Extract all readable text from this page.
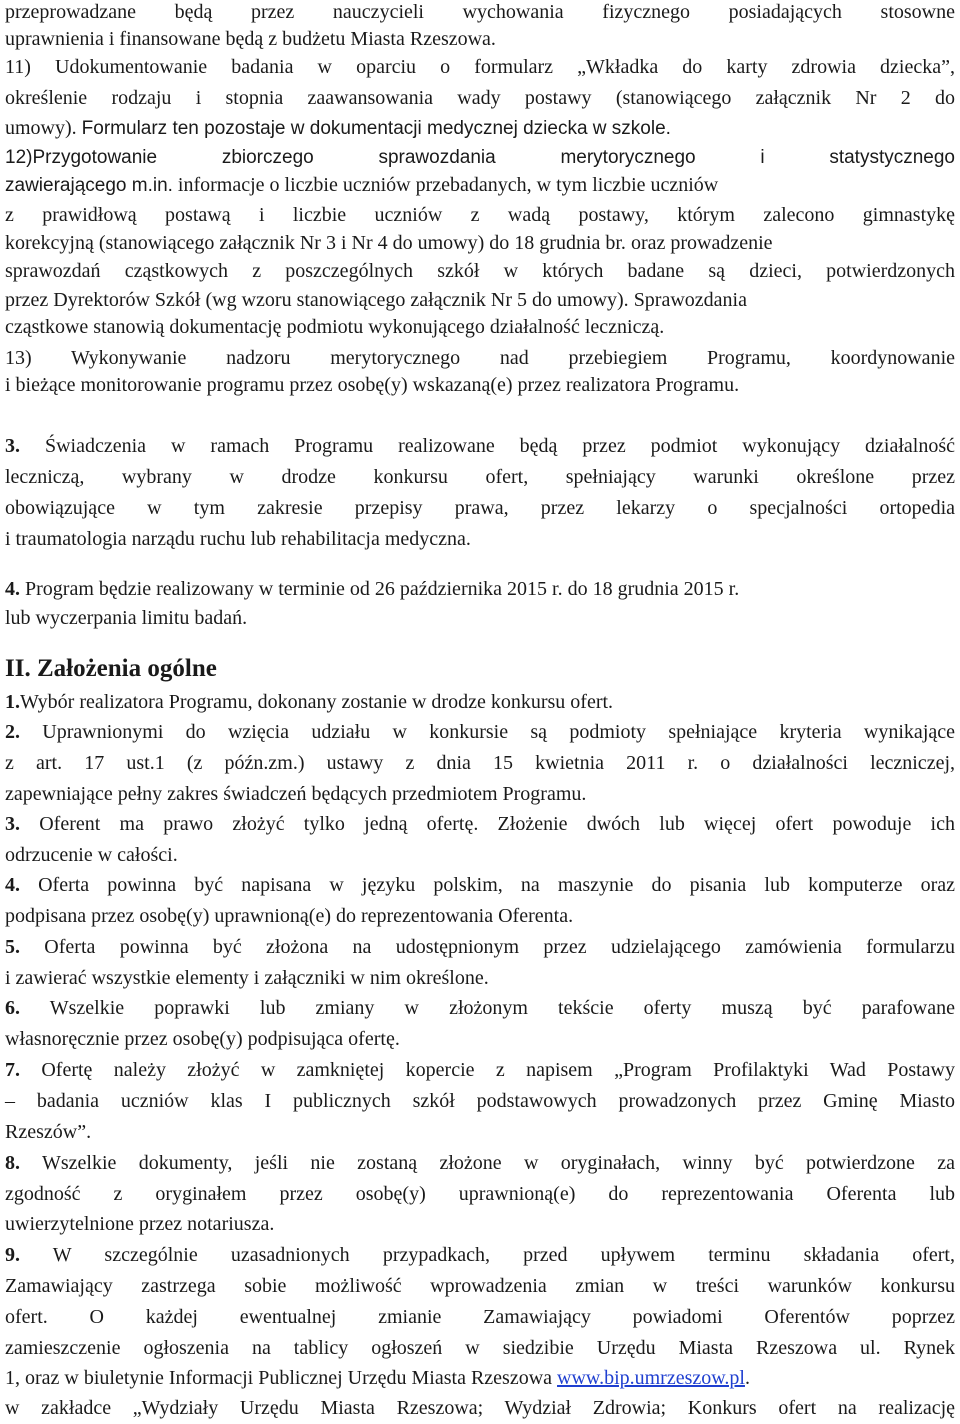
przeprowadzane będą przez nauczycieli wychowania fizycznego posiadających stosowne
uprawnienia i finansowane będą z budżetu Miasta Rzeszowa.
11) Udokumentowanie badania w oparciu o formularz „Wkładka do karty zdrowia dziecka”,
określenie rodzaju i stopnia zaawansowania wady postawy (stanowiącego załącznik Nr 2 do
umowy). Formularz ten pozostaje w dokumentacji medycznej dziecka w szkole.
12)Przygotowanie zbiorczego sprawozdania merytorycznego i statystycznego
zawierającego m.in. informacje o liczbie uczniów przebadanych, w tym liczbie uczniów
z prawidłową postawą i liczbie uczniów z wadą postawy, którym zalecono gimnastykę
korekcyjną (stanowiącego załącznik Nr 3 i Nr 4 do umowy) do 18 grudnia br. oraz prowadzenie
sprawozdań cząstkowych z poszczególnych szkół w których badane są dzieci, potwierdzonych
przez Dyrektorów Szkół (wg wzoru stanowiącego załącznik Nr 5 do umowy). Sprawozdania
cząstkowe stanowią dokumentację podmiotu wykonującego działalność leczniczą.
13) Wykonywanie nadzoru merytorycznego nad przebiegiem Programu, koordynowanie
i bieżące monitorowanie programu przez osobę(y) wskazaną(e) przez realizatora Programu.
3. Świadczenia w ramach Programu realizowane będą przez podmiot wykonujący działalność
leczniczą, wybrany w drodze konkursu ofert, spełniający warunki określone przez
obowiązujące w tym zakresie przepisy prawa, przez lekarzy o specjalności ortopedia
i traumatologia narządu ruchu lub rehabilitacja medyczna.
4. Program będzie realizowany w terminie od 26 października 2015 r. do 18 grudnia 2015 r.
lub wyczerpania limitu badań.
II. Założenia ogólne
1.Wybór realizatora Programu, dokonany zostanie w drodze konkursu ofert.
2. Uprawnionymi do wzięcia udziału w konkursie są podmioty spełniające kryteria wynikające
z art. 17 ust.1 (z późn.zm.) ustawy z dnia 15 kwietnia 2011 r. o działalności leczniczej,
zapewniające pełny zakres świadczeń będących przedmiotem Programu.
3. Oferent ma prawo złożyć tylko jedną ofertę. Złożenie dwóch lub więcej ofert powoduje ich
odrzucenie w całości.
4. Oferta powinna być napisana w języku polskim, na maszynie do pisania lub komputerze oraz
podpisana przez osobę(y) uprawnioną(e) do reprezentowania Oferenta.
5. Oferta powinna być złożona na udostępnionym przez udzielającego zamówienia formularzu
i zawierać wszystkie elementy i załączniki w nim określone.
6. Wszelkie poprawki lub zmiany w złożonym tekście oferty muszą być parafowane
własnoręcznie przez osobę(y) podpisująca ofertę.
7. Ofertę należy złożyć w zamkniętej kopercie z napisem „Program Profilaktyki Wad Postawy
– badania uczniów klas I publicznych szkół podstawowych prowadzonych przez Gminę Miasto
Rzeszów”.
8. Wszelkie dokumenty, jeśli nie zostaną złożone w oryginałach, winny być potwierdzone za
zgodność z oryginałem przez osobę(y) uprawnioną(e) do reprezentowania Oferenta lub
uwierzytelnione przez notariusza.
9. W szczególnie uzasadnionych przypadkach, przed upływem terminu składania ofert,
Zamawiający zastrzega sobie możliwość wprowadzenia zmian w treści warunków konkursu
ofert. O każdej ewentualnej zmianie Zamawiający powiadomi Oferentów poprzez
zamieszczenie ogłoszenia na tablicy ogłoszeń w siedzibie Urzędu Miasta Rzeszowa ul. Rynek
1, oraz w biuletynie Informacji Publicznej Urzędu Miasta Rzeszowa www.bip.umrzeszow.pl.
w zakładce „Wydziały Urzędu Miasta Rzeszowa; Wydział Zdrowia; Konkurs ofert na realizację
